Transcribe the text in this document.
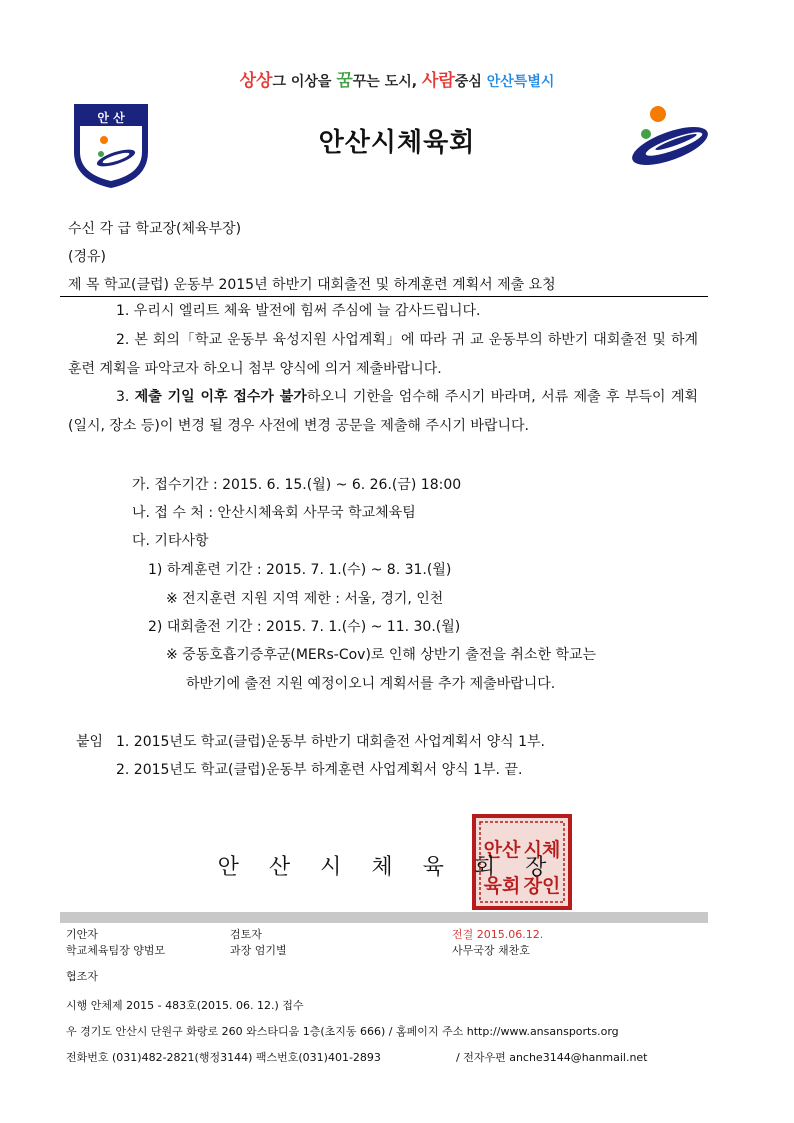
상상그 이상을 꿈꾸는 도시, 사람중심 안산특별시
안 산
안산시체육회
수신 각 급 학교장(체육부장)
(경유)
제 목 학교(클럽) 운동부 2015년 하반기 대회출전 및 하계훈련 계획서 제출 요청
1. 우리시 엘리트 체육 발전에 힘써 주심에 늘 감사드립니다.
2. 본 회의「학교 운동부 육성지원 사업계획」에 따라 귀 교 운동부의 하반기 대회출전 및 하계훈련 계획을 파악코자 하오니 첨부 양식에 의거 제출바랍니다.
3. 제출 기일 이후 접수가 불가하오니 기한을 엄수해 주시기 바라며, 서류 제출 후 부득이 계획(일시, 장소 등)이 변경 될 경우 사전에 변경 공문을 제출해 주시기 바랍니다.
가. 접수기간 : 2015. 6. 15.(월) ~ 6. 26.(금) 18:00
나. 접 수 처 : 안산시체육회 사무국 학교체육팀
다. 기타사항
1) 하계훈련 기간 : 2015. 7. 1.(수) ~ 8. 31.(월)
※ 전지훈련 지원 지역 제한 : 서울, 경기, 인천
2) 대회출전 기간 : 2015. 7. 1.(수) ~ 11. 30.(월)
※ 중동호흡기증후군(MERs-Cov)로 인해 상반기 출전을 취소한 학교는
하반기에 출전 지원 예정이오니 계획서를 추가 제출바랍니다.
붙임 1. 2015년도 학교(클럽)운동부 하반기 대회출전 사업계획서 양식 1부.
2. 2015년도 학교(클럽)운동부 하계훈련 사업계획서 양식 1부. 끝.
안산 시체
육회 장인
안산시체육회장
기안자	검토자	전결 2015.06.12.
학교체육팀장 양범모	과장 엄기별	사무국장 채찬호
협조자
시행 안체제 2015 - 483호(2015. 06. 12.) 접수
우 경기도 안산시 단원구 화랑로 260 와스타디움 1층(초지동 666) / 홈페이지 주소 http://www.ansansports.org
전화번호 (031)482-2821(행정3144) 팩스번호(031)401-2893	/ 전자우편 anche3144@hanmail.net
